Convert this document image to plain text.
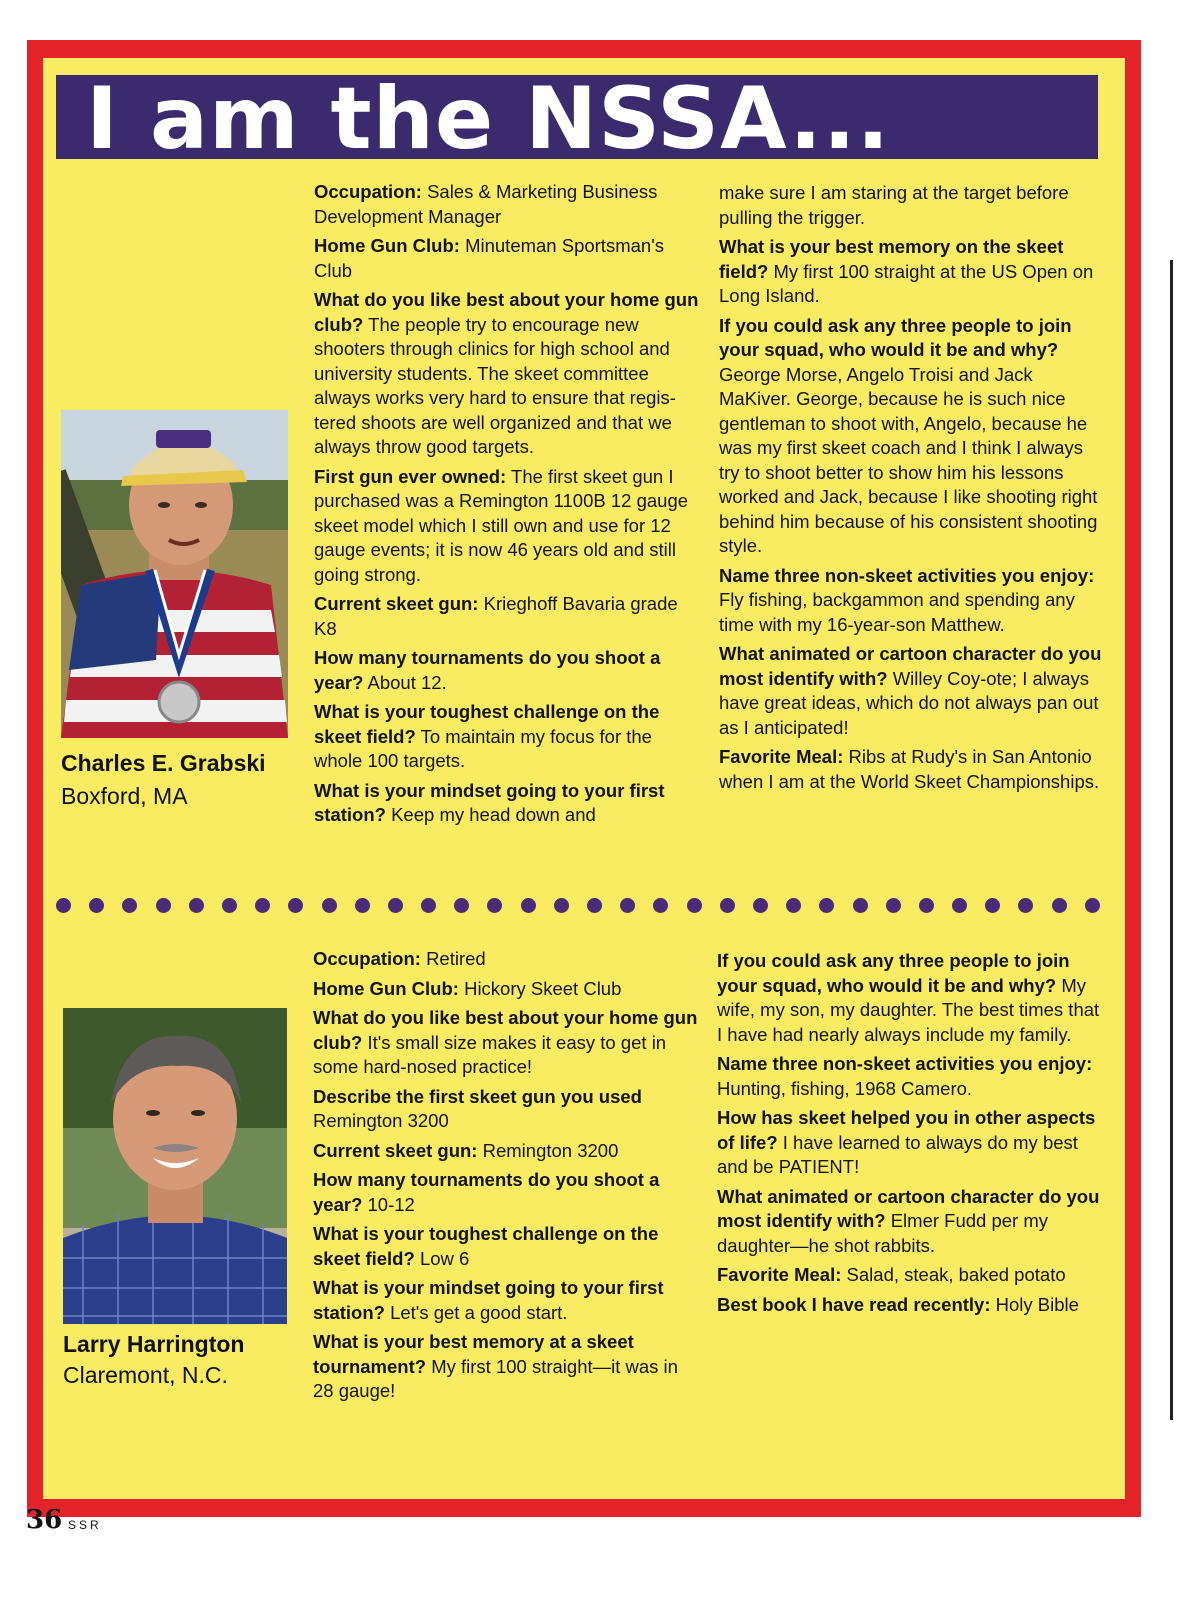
I am the NSSA...
Charles E. Grabski
Boxford, MA
Occupation: Sales & Marketing Business Development Manager
Home Gun Club: Minuteman Sportsman's Club
What do you like best about your home gun club? The people try to encourage new shooters through clinics for high school and university students. The skeet committee always works very hard to ensure that regis-tered shoots are well organized and that we always throw good targets.
First gun ever owned: The first skeet gun I purchased was a Remington 1100B 12 gauge skeet model which I still own and use for 12 gauge events; it is now 46 years old and still going strong.
Current skeet gun: Krieghoff Bavaria grade K8
How many tournaments do you shoot a year? About 12.
What is your toughest challenge on the skeet field? To maintain my focus for the whole 100 targets.
What is your mindset going to your first station? Keep my head down and
make sure I am staring at the target before pulling the trigger.
What is your best memory on the skeet field? My first 100 straight at the US Open on Long Island.
If you could ask any three people to join your squad, who would it be and why? George Morse, Angelo Troisi and Jack MaKiver. George, because he is such nice gentleman to shoot with, Angelo, because he was my first skeet coach and I think I always try to shoot better to show him his lessons worked and Jack, because I like shooting right behind him because of his consistent shooting style.
Name three non-skeet activities you enjoy: Fly fishing, backgammon and spending any time with my 16-year-son Matthew.
What animated or cartoon character do you most identify with? Willey Coy-ote; I always have great ideas, which do not always pan out as I anticipated!
Favorite Meal: Ribs at Rudy's in San Antonio when I am at the World Skeet Championships.
Larry Harrington
Claremont, N.C.
Occupation: Retired
Home Gun Club: Hickory Skeet Club
What do you like best about your home gun club? It's small size makes it easy to get in some hard-nosed practice!
Describe the first skeet gun you used Remington 3200
Current skeet gun: Remington 3200
How many tournaments do you shoot a year? 10-12
What is your toughest challenge on the skeet field? Low 6
What is your mindset going to your first station? Let's get a good start.
What is your best memory at a skeet tournament? My first 100 straight—it was in 28 gauge!
If you could ask any three people to join your squad, who would it be and why? My wife, my son, my daughter. The best times that I have had nearly always include my family.
Name three non-skeet activities you enjoy: Hunting, fishing, 1968 Camero.
How has skeet helped you in other aspects of life? I have learned to always do my best and be PATIENT!
What animated or cartoon character do you most identify with? Elmer Fudd per my daughter—he shot rabbits.
Favorite Meal: Salad, steak, baked potato
Best book I have read recently: Holy Bible
36 SSR
